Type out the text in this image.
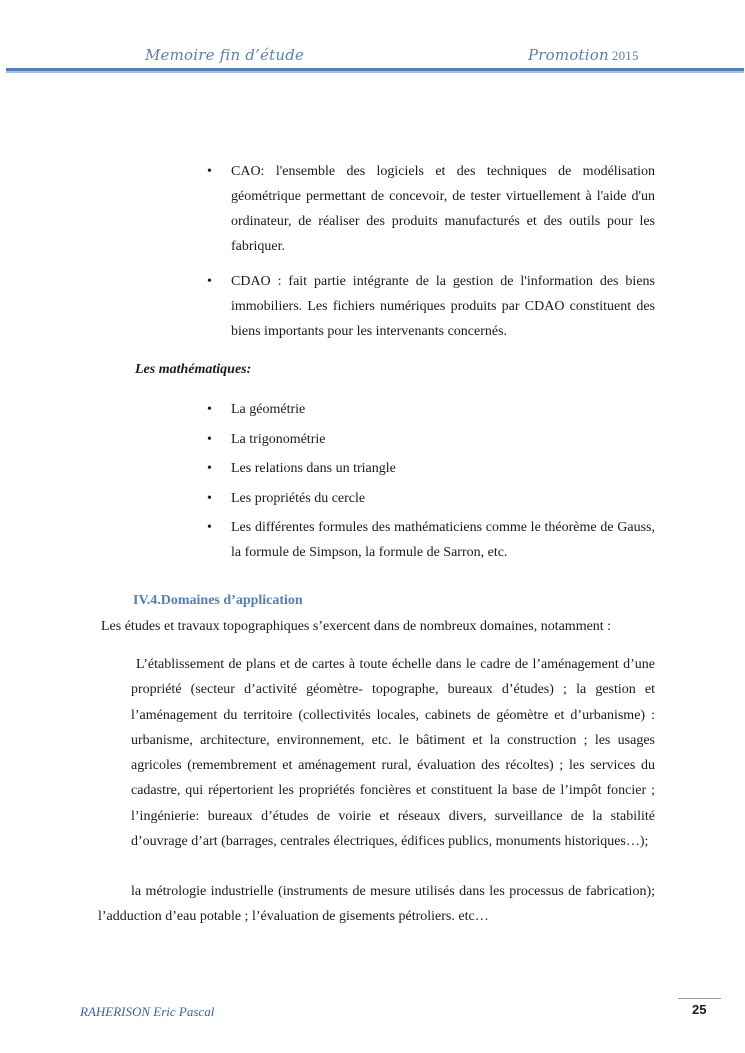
Memoire fin d’étude	Promotion 2015
• CAO: l'ensemble des logiciels et des techniques de modélisation géométrique permettant de concevoir, de tester virtuellement à l'aide d'un ordinateur, de réaliser des produits manufacturés et des outils pour les fabriquer.
• CDAO : fait partie intégrante de la gestion de l'information des biens immobiliers. Les fichiers numériques produits par CDAO constituent des biens importants pour les intervenants concernés.
Les mathématiques:
• La géométrie
• La trigonométrie
• Les relations dans un triangle
• Les propriétés du cercle
• Les différentes formules des mathématiciens comme le théorème de Gauss, la formule de Simpson, la formule de Sarron, etc.
IV.4.Domaines d’application
Les études et travaux topographiques s’exercent dans de nombreux domaines, notamment :
L’établissement de plans et de cartes à toute échelle dans le cadre de l’aménagement d’une propriété (secteur d’activité géomètre- topographe, bureaux d’études) ; la gestion et l’aménagement du territoire (collectivités locales, cabinets de géomètre et d’urbanisme) : urbanisme, architecture, environnement, etc. le bâtiment et la construction ; les usages agricoles (remembrement et aménagement rural, évaluation des récoltes) ; les services du cadastre, qui répertorient les propriétés foncières et constituent la base de l’impôt foncier ; l’ingénierie: bureaux d’études de voirie et réseaux divers, surveillance de la stabilité d’ouvrage d’art (barrages, centrales électriques, édifices publics, monuments historiques…);
la métrologie industrielle (instruments de mesure utilisés dans les processus de fabrication); l’adduction d’eau potable ; l’évaluation de gisements pétroliers. etc…
RAHERISON Eric Pascal	25
